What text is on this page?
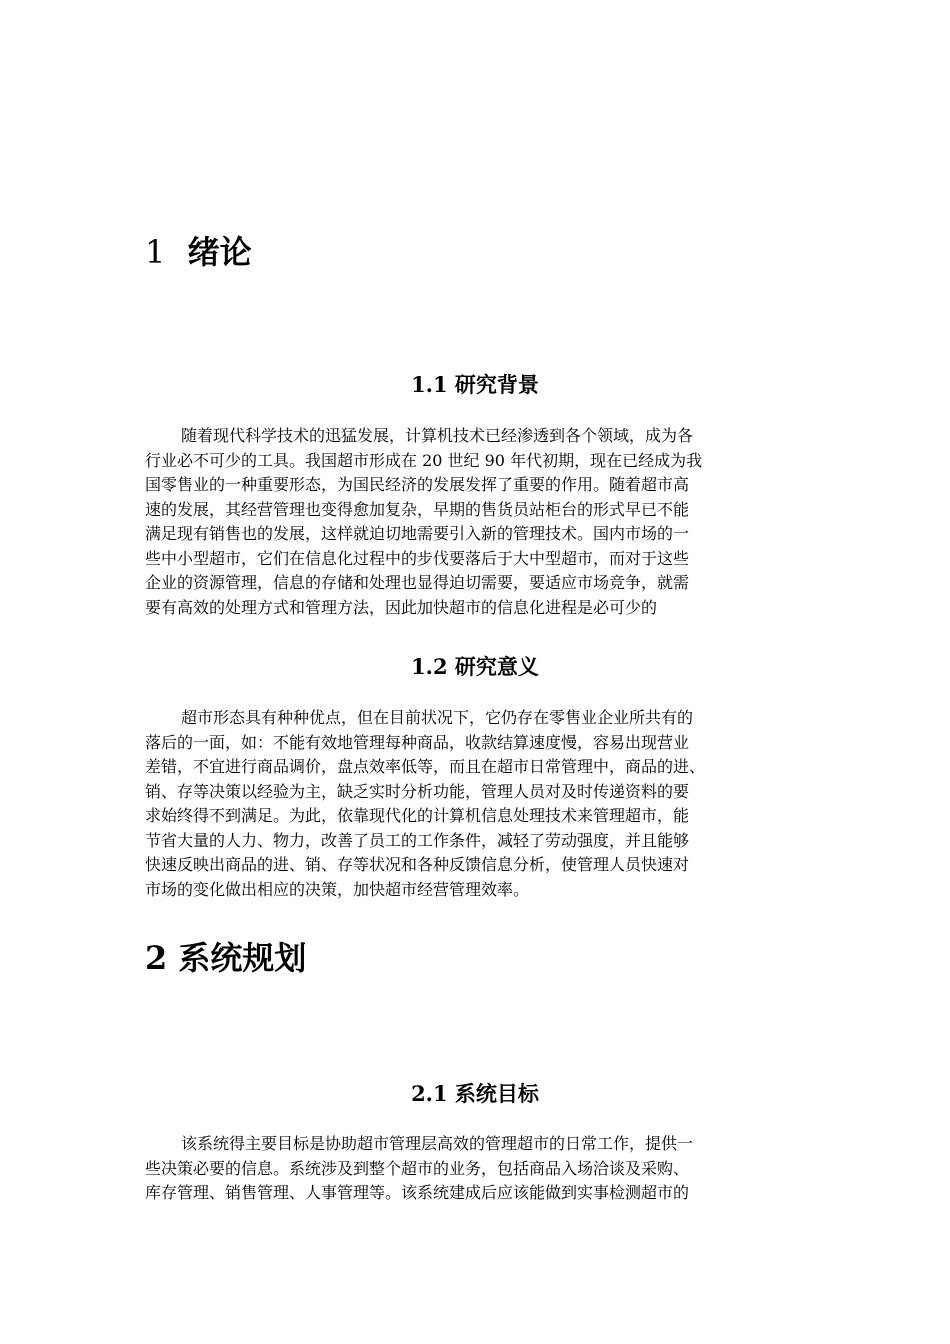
1 绪论
1.1 研究背景
随着现代科学技术的迅猛发展，计算机技术已经渗透到各个领域，成为各
行业必不可少的工具。我国超市形成在 20 世纪 90 年代初期，现在已经成为我
国零售业的一种重要形态，为国民经济的发展发挥了重要的作用。随着超市高
速的发展，其经营管理也变得愈加复杂，早期的售货员站柜台的形式早已不能
满足现有销售也的发展，这样就迫切地需要引入新的管理技术。国内市场的一
些中小型超市，它们在信息化过程中的步伐要落后于大中型超市，而对于这些
企业的资源管理，信息的存储和处理也显得迫切需要，要适应市场竞争，就需
要有高效的处理方式和管理方法，因此加快超市的信息化进程是必可少的
1.2 研究意义
超市形态具有种种优点，但在目前状况下，它仍存在零售业企业所共有的
落后的一面，如：不能有效地管理每种商品，收款结算速度慢，容易出现营业
差错，不宜进行商品调价，盘点效率低等，而且在超市日常管理中，商品的进、
销、存等决策以经验为主，缺乏实时分析功能，管理人员对及时传递资料的要
求始终得不到满足。为此，依靠现代化的计算机信息处理技术来管理超市，能
节省大量的人力、物力，改善了员工的工作条件，减轻了劳动强度，并且能够
快速反映出商品的进、销、存等状况和各种反馈信息分析，使管理人员快速对
市场的变化做出相应的决策，加快超市经营管理效率。
2 系统规划
2.1 系统目标
该系统得主要目标是协助超市管理层高效的管理超市的日常工作，提供一
些决策必要的信息。系统涉及到整个超市的业务，包括商品入场洽谈及采购、
库存管理、销售管理、人事管理等。该系统建成后应该能做到实事检测超市的
